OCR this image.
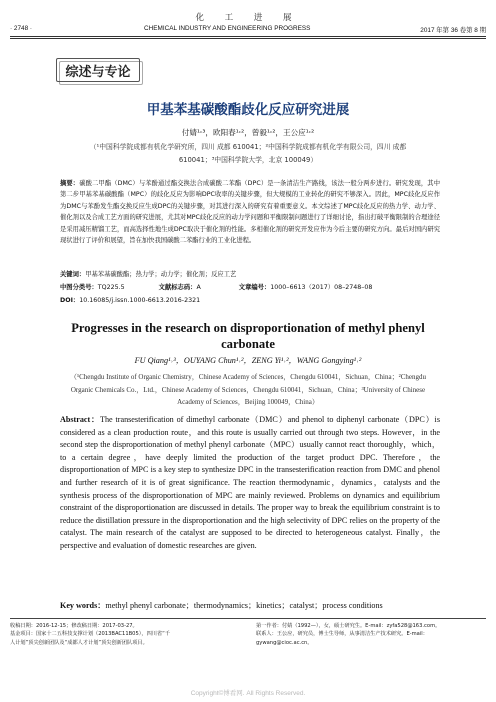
化 工 进 展
· 2748 ·	CHEMICAL INDUSTRY AND ENGINEERING PROGRESS	2017 年第 36 卷第 8 期
综述与专论
甲基苯基碳酸酯歧化反应研究进展
付婧¹˒³，欧阳春¹˒²，曾毅¹˒²，王公应¹˒²
（¹中国科学院成都有机化学研究所，四川 成都 610041；²中国科学院成都有机化学有限公司，四川 成都
610041；³中国科学院大学，北京 100049）
摘要：碳酸二甲酯（DMC）与苯酚通过酯交换法合成碳酸二苯酯（DPC）是一条清洁生产路线，该法一般分两步进行。研究发现，其中第二步甲基苯基碳酸酯（MPC）的歧化反应为影响DPC收率的关键步骤，但大规模的工业转化的研究不够深入。因此，MPC歧化反应作为DMC与苯酚发生酯交换反应生成DPC的关键步骤，对其进行深入的研究有着重要意义。本文综述了MPC歧化反应的热力学、动力学、催化剂以及合成工艺方面的研究进展，尤其对MPC歧化反应的动力学问题和平衡限制问题进行了详细讨论，指出打破平衡限制的合理途径是采用减压精馏工艺，而高选择性地生成DPC取决于催化剂的性能。多相催化剂的研究开发应作为今后主要的研究方向。最后对国内研究现状进行了评价和展望，旨在加快我国碳酸二苯酯行业的工业化进程。
关键词：甲基苯基碳酸酯；热力学；动力学；催化剂；反应工艺
中图分类号：TQ225.5	文献标志码：A	文章编号：1000–6613（2017）08–2748–08
DOI：10.16085/j.issn.1000-6613.2016-2321
Progresses in the research on disproportionation of methyl phenyl
carbonate
FU Qiang¹˒³，OUYANG Chun¹˒²，ZENG Yi¹˒²，WANG Gongying¹˒²
（¹Chengdu Institute of Organic Chemistry，Chinese Academy of Sciences，Chengdu 610041，Sichuan，China；²Chengdu
Organic Chemicals Co.，Ltd.，Chinese Academy of Sciences，Chengdu 610041，Sichuan，China；³University of Chinese
Academy of Sciences，Beijing 100049，China）
Abstract：The transesterification of dimethyl carbonate（DMC）and phenol to diphenyl carbonate（DPC）is considered as a clean production route，and this route is usually carried out through two steps. However，in the second step the disproportionation of methyl phenyl carbonate（MPC）usually cannot react thoroughly，which，to a certain degree，have deeply limited the production of the target product DPC. Therefore，the disproportionation of MPC is a key step to synthesize DPC in the transesterification reaction from DMC and phenol and further research of it is of great significance. The reaction thermodynamic，dynamics，catalysts and the synthesis process of the disproportionation of MPC are mainly reviewed. Problems on dynamics and equilibrium constraint of the disproportionation are discussed in details. The proper way to break the equilibrium constraint is to reduce the distillation pressure in the disproportionation and the high selectivity of DPC relies on the property of the catalyst. The main research of the catalyst are supposed to be directed to heterogeneous catalyst. Finally，the perspective and evaluation of domestic researches are given.
Key words：methyl phenyl carbonate；thermodynamics；kinetics；catalyst；process conditions
收稿日期：2016-12-15；修改稿日期：2017-03-27。
基金项目：国家十二五科技支撑计划（2013BAC11B05），四川省“千
人计划”顶尖创新团队及“成都人才计划”顶尖创新团队项目。
第一作者：付婧（1992—），女，硕士研究生。E-mail：zyfa528@163.com。
联系人：王公应，研究员，博士生导师，从事清洁生产技术研究。E-mail：
gywang@cioc.ac.cn。
Copyright©博看网. All Rights Reserved.
